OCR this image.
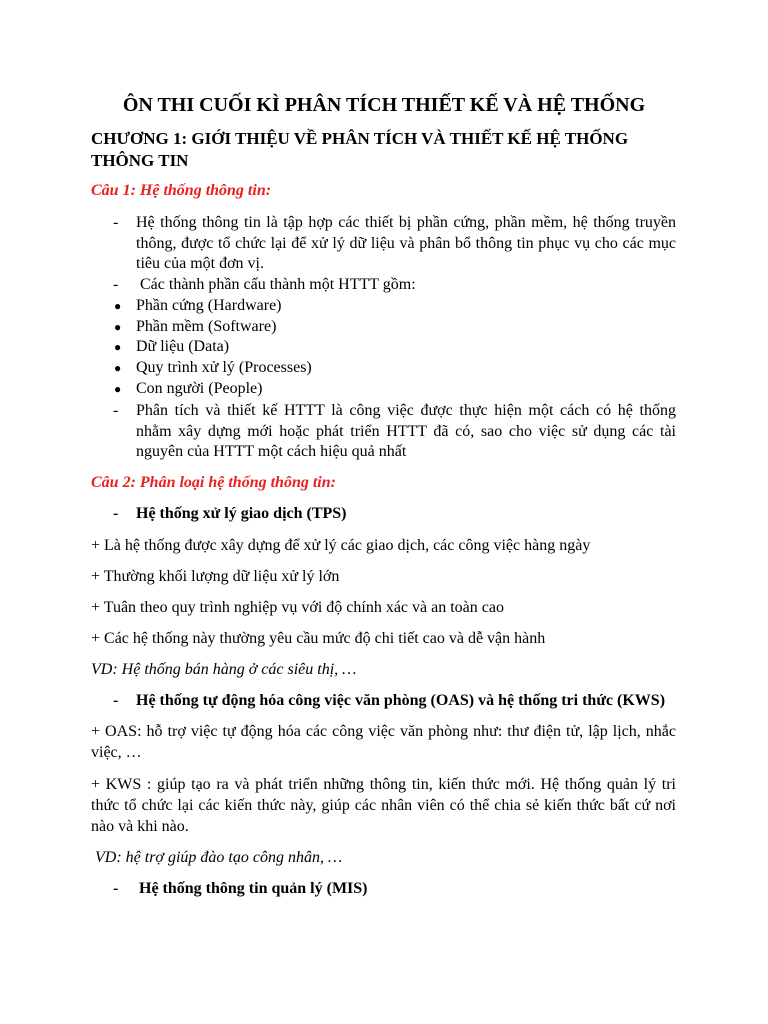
ÔN THI CUỐI KÌ PHÂN TÍCH THIẾT KẾ VÀ HỆ THỐNG
CHƯƠNG 1: GIỚI THIỆU VỀ PHÂN TÍCH VÀ THIẾT KẾ HỆ THỐNG THÔNG TIN
Câu 1: Hệ thống thông tin:
- Hệ thống thông tin là tập hợp các thiết bị phần cứng, phần mềm, hệ thống truyền
thông, được tổ chức lại để xử lý dữ liệu và phân bổ thông tin phục vụ cho các mục
tiêu của một đơn vị.
- Các thành phần cấu thành một HTTT gồm:
● Phần cứng (Hardware)
● Phần mềm (Software)
● Dữ liệu (Data)
● Quy trình xử lý (Processes)
● Con người (People)
- Phân tích và thiết kế HTTT là công việc được thực hiện một cách có hệ thống
nhằm xây dựng mới hoặc phát triển HTTT đã có, sao cho việc sử dụng các tài
nguyên của HTTT một cách hiệu quả nhất
Câu 2: Phân loại hệ thống thông tin:
- Hệ thống xử lý giao dịch (TPS)
+ Là hệ thống được xây dựng để xử lý các giao dịch, các công việc hàng ngày
+ Thường khối lượng dữ liệu xử lý lớn
+ Tuân theo quy trình nghiệp vụ với độ chính xác và an toàn cao
+ Các hệ thống này thường yêu cầu mức độ chi tiết cao và dễ vận hành
VD: Hệ thống bán hàng ở các siêu thị, …
- Hệ thống tự động hóa công việc văn phòng (OAS) và hệ thống tri thức (KWS)
+ OAS: hỗ trợ việc tự động hóa các công việc văn phòng như: thư điện tử, lập lịch, nhắc
việc, …
+ KWS : giúp tạo ra và phát triển những thông tin, kiến thức mới. Hệ thống quản lý tri
thức tổ chức lại các kiến thức này, giúp các nhân viên có thể chia sẻ kiến thức bất cứ nơi
nào và khi nào.
VD: hệ trợ giúp đào tạo công nhân, …
- Hệ thống thông tin quản lý (MIS)
